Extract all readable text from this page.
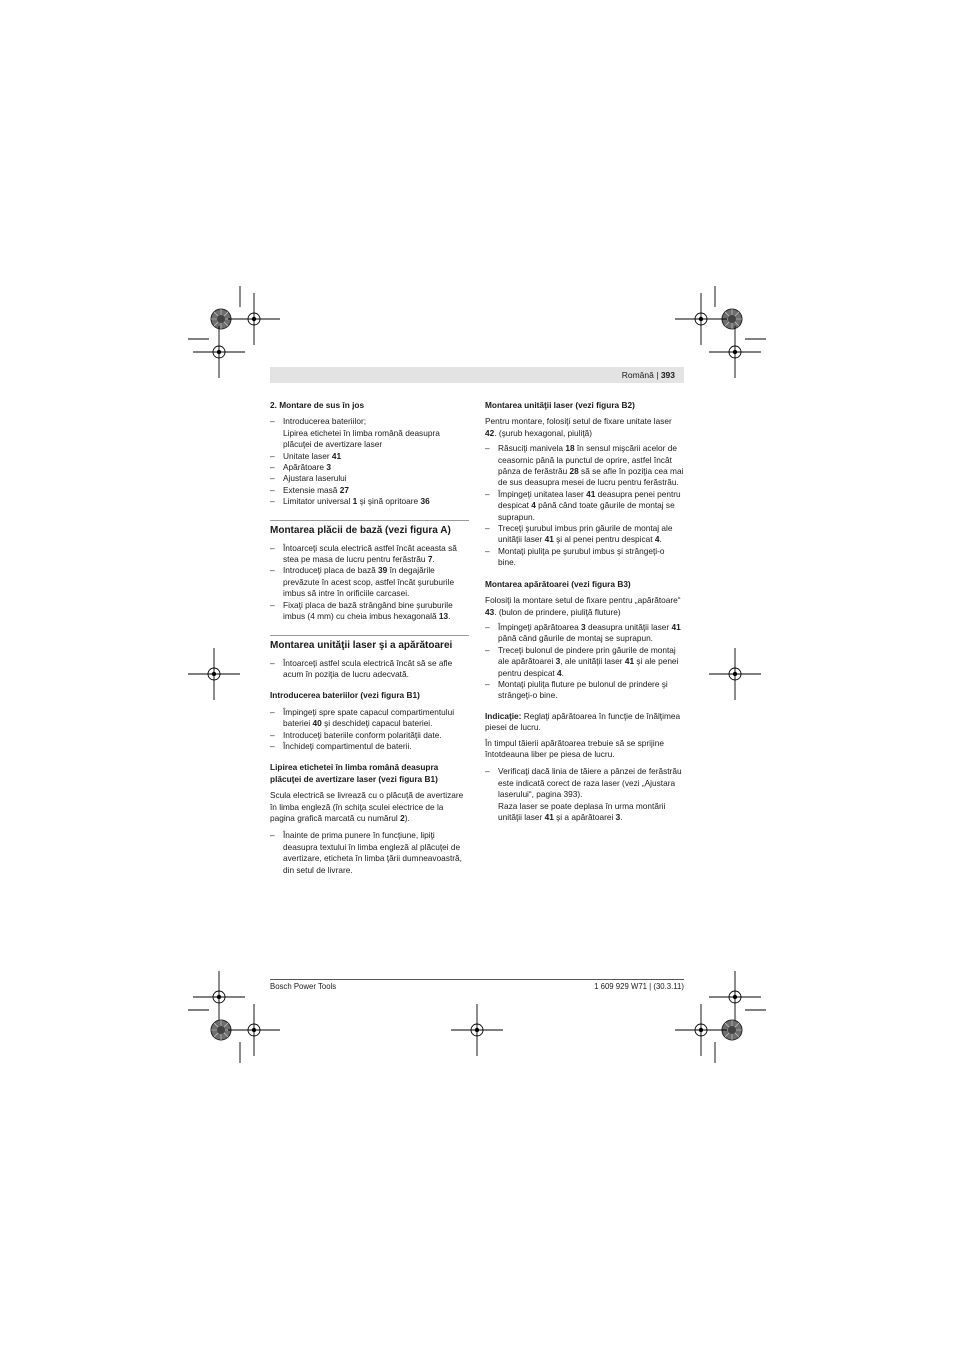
Română | 393

2. Montare de sus în jos

– Introducerea bateriilor;
Lipirea etichetei în limba română deasupra plăcuţei de avertizare laser
– Unitate laser 41
– Apărătoare 3
– Ajustara laserului
– Extensie masă 27
– Limitator universal 1 şi şină opritoare 36
Montarea plăcii de bază (vezi figura A)
– Întoarceţi scula electrică astfel încât aceasta să stea pe masa de lucru pentru ferăstrău 7.
– Introduceţi placa de bază 39 în degajările prevăzute în acest scop, astfel încât şuruburile imbus să intre în orificiile carcasei.
– Fixaţi placa de bază strângând bine şuruburile imbus (4 mm) cu cheia imbus hexagonală 13.
Montarea unităţii laser şi a apărătoarei
– Întoarceţi astfel scula electrică încât să se afle acum în poziţia de lucru adecvată.

Introducerea bateriilor (vezi figura B1)

– Împingeţi spre spate capacul compartimentului bateriei 40 şi deschideţi capacul bateriei.
– Introduceţi bateriile conform polarităţii date.
– Închideţi compartimentul de baterii.

Lipirea etichetei în limba română deasupra plăcuţei de avertizare laser (vezi figura B1)

Scula electrică se livrează cu o plăcuţă de avertizare în limba engleză (în schiţa sculei electrice de la pagina grafică marcată cu numărul 2).

– Înainte de prima punere în funcţiune, lipiţi deasupra textului în limba engleză al plăcuţei de avertizare, eticheta în limba ţării dumneavoastră, din setul de livrare.

Montarea unităţii laser (vezi figura B2)

Pentru montare, folosiţi setul de fixare unitate laser 42. (şurub hexagonal, piuliţă)

– Răsuciţi manivela 18 în sensul mişcării acelor de ceasornic până la punctul de oprire, astfel încât pânza de ferăstrău 28 să se afle în poziţia cea mai de sus deasupra mesei de lucru pentru ferăstrău.
– Împingeţi unitatea laser 41 deasupra penei pentru despicat 4 până când toate găurile de montaj se suprapun.
– Treceţi şurubul imbus prin găurile de montaj ale unităţii laser 41 şi al penei pentru despicat 4.
– Montaţi piuliţa pe şurubul imbus şi strângeţi-o bine.

Montarea apărătoarei (vezi figura B3)

Folosiţi la montare setul de fixare pentru „apărătoare“ 43. (bulon de prindere, piuliţă fluture)

– Împingeţi apărătoarea 3 deasupra unităţii laser 41 până când găurile de montaj se suprapun.
– Treceţi bulonul de pindere prin găurile de montaj ale apărătoarei 3, ale unităţii laser 41 şi ale penei pentru despicat 4.
– Montaţi piuliţa fluture pe bulonul de prindere şi strângeţi-o bine.

Indicaţie: Reglaţi apărătoarea în funcţie de înălţimea piesei de lucru.

În timpul tăierii apărătoarea trebuie să se sprijine întotdeauna liber pe piesa de lucru.

– Verificaţi dacă linia de tăiere a pânzei de ferăstrău este indicată corect de raza laser (vezi „Ajustara laserului“, pagina 393).
Raza laser se poate deplasa în urma montării unităţii laser 41 şi a apărătoarei 3.
Bosch Power Tools	1 609 929 W71 | (30.3.11)
